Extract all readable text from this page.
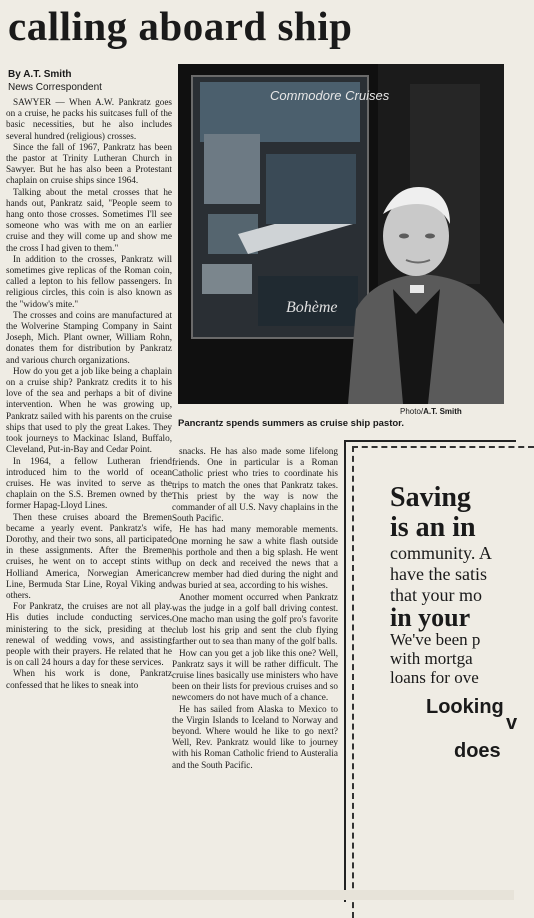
calling aboard ship
By A.T. Smith
News Correspondent

SAWYER — When A.W. Pankratz goes on a cruise, he packs his suitcases full of the basic necessities, but he also includes several hundred (religious) crosses.

Since the fall of 1967, Pankratz has been the pastor at Trinity Lutheran Church in Sawyer. But he has also been a Protestant chaplain on cruise ships since 1964.

Talking about the metal crosses that he hands out, Pankratz said, "People seem to hang onto those crosses. Sometimes I'll see someone who was with me on an earlier cruise and they will come up and show me the cross I had given to them."

In addition to the crosses, Pankratz will sometimes give replicas of the Roman coin, called a lepton to his fellow passengers. In religious circles, this coin is also known as the "widow's mite."

The crosses and coins are manufactured at the Wolverine Stamping Company in Saint Joseph, Mich. Plant owner, William Rohn, donates them for distribution by Pankratz and various church organizations.

How do you get a job like being a chaplain on a cruise ship? Pankratz credits it to his love of the sea and perhaps a bit of divine intervention. When he was growing up, Pankratz sailed with his parents on the cruise ships that used to ply the great Lakes. They took journeys to Mackinac Island, Buffalo, Cleveland, Put-in-Bay and Cedar Point.

In 1964, a fellow Lutheran friend introduced him to the world of ocean cruises. He was invited to serve as the chaplain on the S.S. Bremen owned by the former Hapag-Lloyd Lines.

Then these cruises aboard the Bremen became a yearly event. Pankratz's wife, Dorothy, and their two sons, all participated in these assignments. After the Bremen cruises, he went on to accept stints with Holliand America, Norwegian American Line, Bermuda Star Line, Royal Viking and others.

For Pankratz, the cruises are not all play. His duties include conducting services, ministering to the sick, presiding at the renewal of wedding vows, and assisting people with their prayers. He related that he is on call 24 hours a day for these services.

When his work is done, Pankratz confessed that he likes to sneak into

Commodore Cruises
Bohème
Photo/A.T. Smith
Pancrantz spends summers as cruise ship pastor.

snacks. He has also made some lifelong friends. One in particular is a Roman Catholic priest who tries to coordinate his trips to match the ones that Pankratz takes. This priest by the way is now the commander of all U.S. Navy chaplains in the South Pacific.

He has had many memorable mements. One morning he saw a white flash outside his porthole and then a big splash. He went up on deck and received the news that a crew member had died during the night and was buried at sea, according to his wishes.

Another moment occurred when Pankratz was the judge in a golf ball driving contest. One macho man using the golf pro's favorite club lost his grip and sent the club flying farther out to sea than many of the golf balls.

How can you get a job like this one? Well, Pankratz says it will be rather difficult. The cruise lines basically use ministers who have been on their lists for previous cruises and so newcomers do not have much of a chance.

He has sailed from Alaska to Mexico to the Virgin Islands to Iceland to Norway and beyond. Where would he like to go next? Well, Rev. Pankratz would like to journey with his Roman Catholic friend to Austeralia and the South Pacific.

Saving
is an in
community. A
have the satis
that your mo
in your
We've been p
with mortga
loans for ove
Looking
v
does
